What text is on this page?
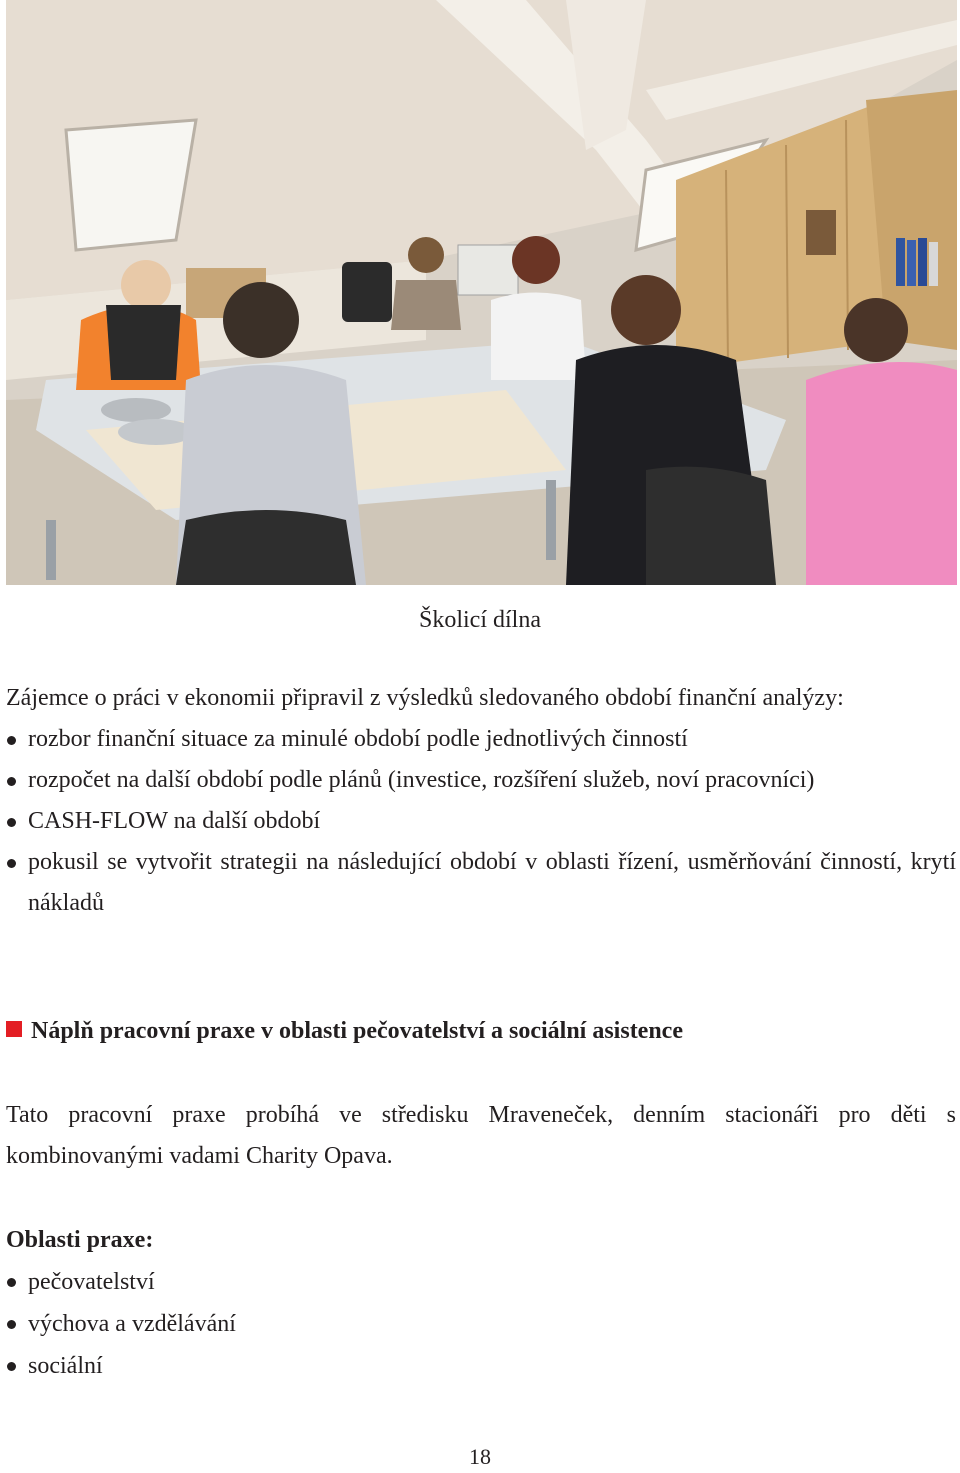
Školicí dílna

Zájemce o práci v ekonomii připravil z výsledků sledovaného období finanční analýzy:

rozbor finanční situace za minulé období podle jednotlivých činností
rozpočet na další období podle plánů (investice, rozšíření služeb, noví pracovníci)
CASH-FLOW na další období
pokusil se vytvořit strategii na následující období v oblasti řízení, usměrňování činností, krytí nákladů
Náplň pracovní praxe v oblasti pečovatelství a sociální asistence

Tato pracovní praxe probíhá ve středisku Mraveneček, denním stacionáři pro děti s kombinovanými vadami Charity Opava.

Oblasti praxe:
pečovatelství
výchova a vzdělávání
sociální
18
